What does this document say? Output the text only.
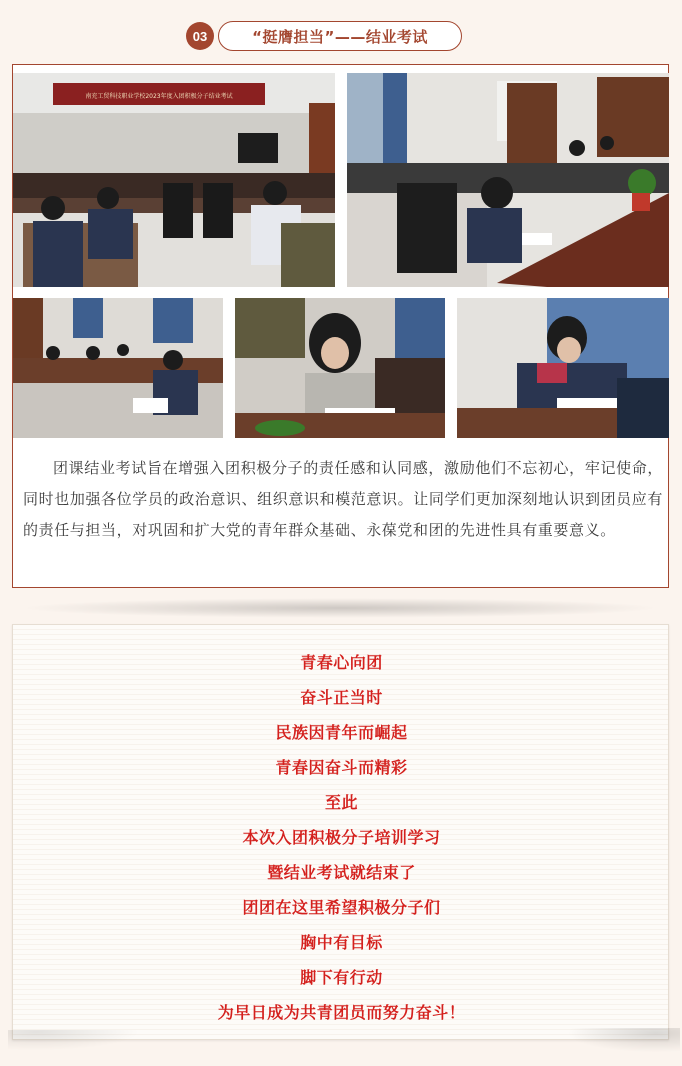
03	“挺膺担当”——结业考试
南充工贸科技职业学校2023年度入团积极分子结业考试

团课结业考试旨在增强入团积极分子的责任感和认同感，激励他们不忘初心，牢记使命，同时也加强各位学员的政治意识、组织意识和模范意识。让同学们更加深刻地认识到团员应有的责任与担当，对巩固和扩大党的青年群众基础、永葆党和团的先进性具有重要意义。

青春心向团
奋斗正当时
民族因青年而崛起
青春因奋斗而精彩
至此
本次入团积极分子培训学习
暨结业考试就结束了
团团在这里希望积极分子们
胸中有目标
脚下有行动
为早日成为共青团员而努力奋斗！
